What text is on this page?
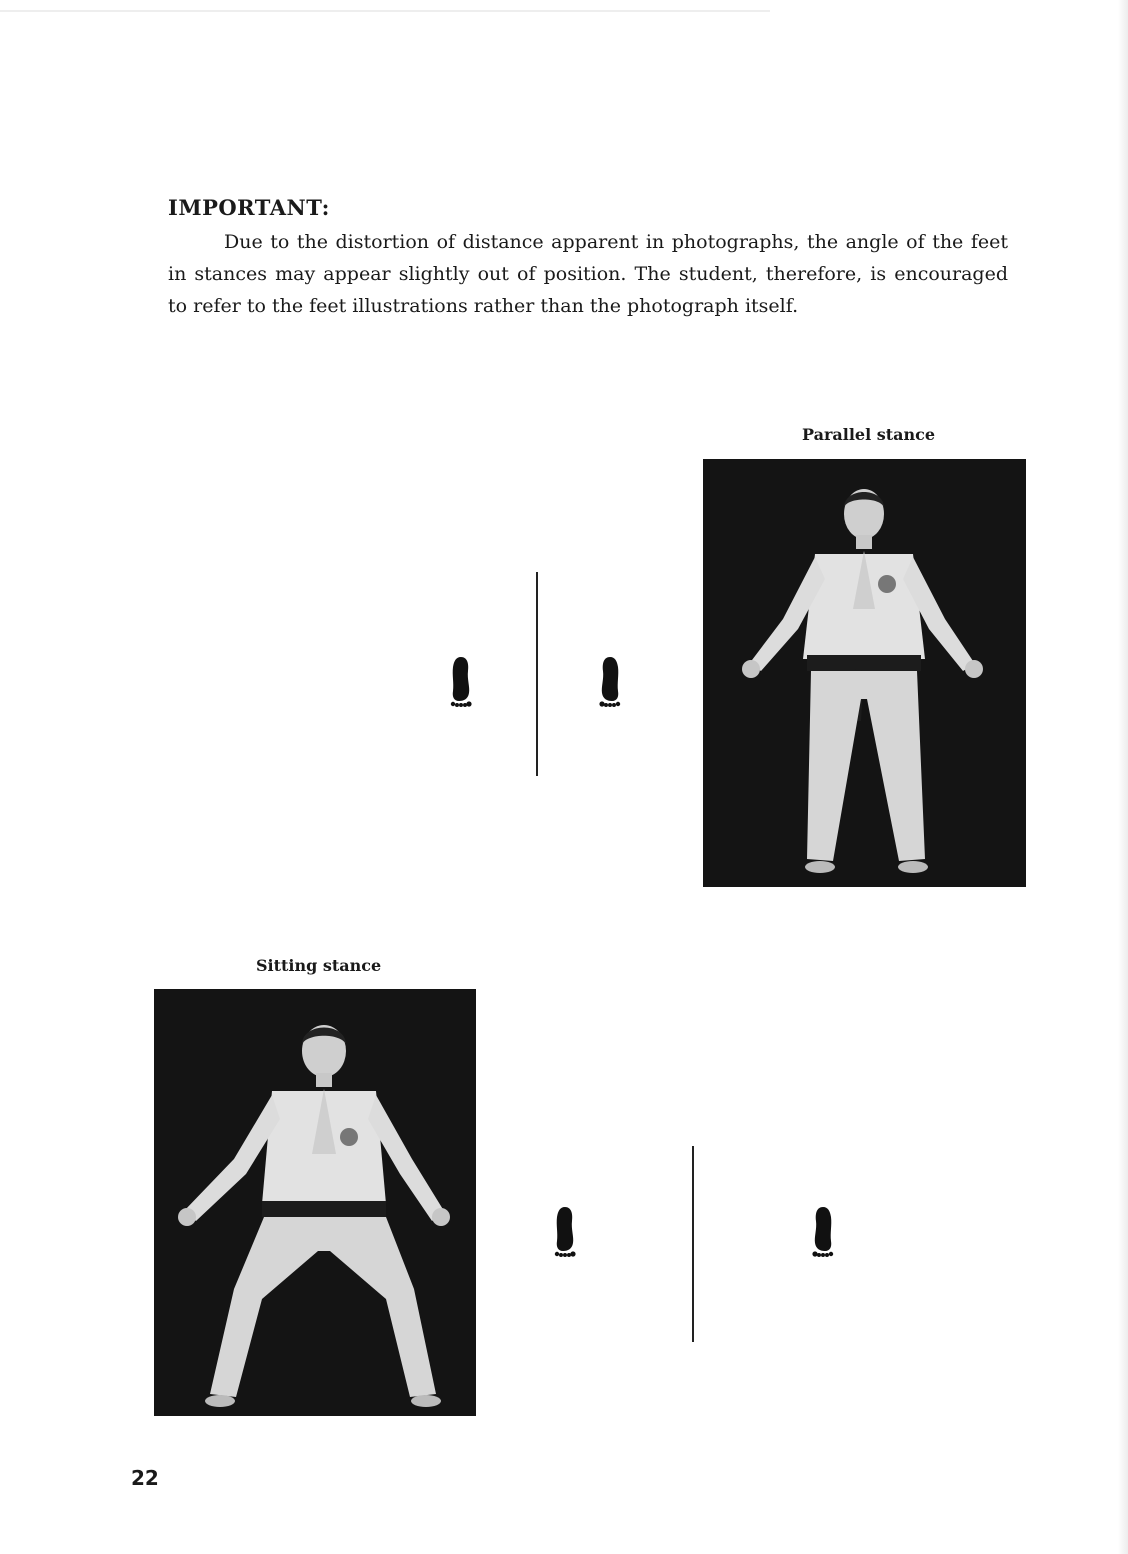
IMPORTANT:

Due to the distortion of distance apparent in photographs, the angle of the feet in stances may appear slightly out of position. The student, therefore, is encouraged to refer to the feet illustrations rather than the photograph itself.

Parallel stance
Sitting stance
22
